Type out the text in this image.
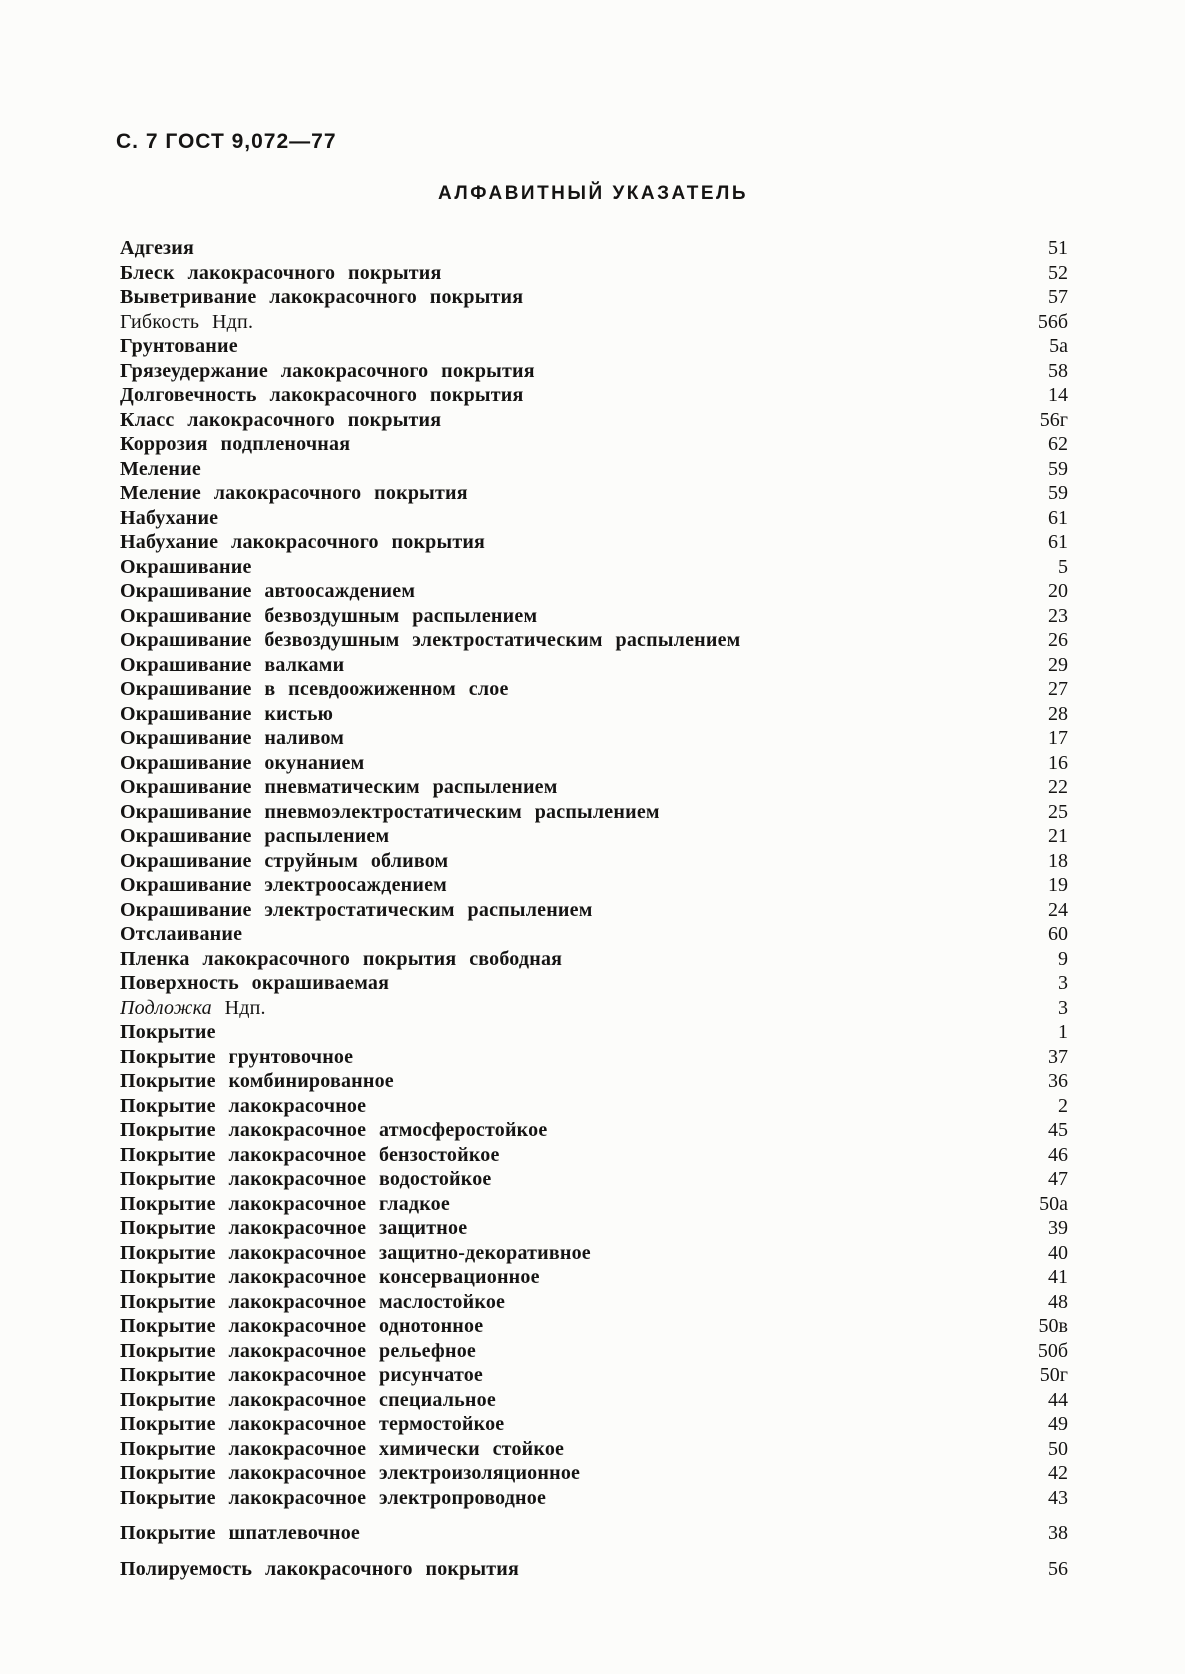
С. 7 ГОСТ 9,072—77
АЛФАВИТНЫЙ УКАЗАТЕЛЬ
Адгезия	51
Блеск лакокрасочного покрытия	52
Выветривание лакокрасочного покрытия	57
Гибкость Ндп.	56б
Грунтование	5а
Грязеудержание лакокрасочного покрытия	58
Долговечность лакокрасочного покрытия	14
Класс лакокрасочного покрытия	56г
Коррозия подпленочная	62
Меление	59
Меление лакокрасочного покрытия	59
Набухание	61
Набухание лакокрасочного покрытия	61
Окрашивание	5
Окрашивание автоосаждением	20
Окрашивание безвоздушным распылением	23
Окрашивание безвоздушным электростатическим распылением	26
Окрашивание валками	29
Окрашивание в псевдоожиженном слое	27
Окрашивание кистью	28
Окрашивание наливом	17
Окрашивание окунанием	16
Окрашивание пневматическим распылением	22
Окрашивание пневмоэлектростатическим распылением	25
Окрашивание распылением	21
Окрашивание струйным обливом	18
Окрашивание электроосаждением	19
Окрашивание электростатическим распылением	24
Отслаивание	60
Пленка лакокрасочного покрытия свободная	9
Поверхность окрашиваемая	3
Подложка Ндп.	3
Покрытие	1
Покрытие грунтовочное	37
Покрытие комбинированное	36
Покрытие лакокрасочное	2
Покрытие лакокрасочное атмосферостойкое	45
Покрытие лакокрасочное бензостойкое	46
Покрытие лакокрасочное водостойкое	47
Покрытие лакокрасочное гладкое	50а
Покрытие лакокрасочное защитное	39
Покрытие лакокрасочное защитно-декоративное	40
Покрытие лакокрасочное консервационное	41
Покрытие лакокрасочное маслостойкое	48
Покрытие лакокрасочное однотонное	50в
Покрытие лакокрасочное рельефное	50б
Покрытие лакокрасочное рисунчатое	50г
Покрытие лакокрасочное специальное	44
Покрытие лакокрасочное термостойкое	49
Покрытие лакокрасочное химически стойкое	50
Покрытие лакокрасочное электроизоляционное	42
Покрытие лакокрасочное электропроводное	43
Покрытие шпатлевочное	38
Полируемость лакокрасочного покрытия	56
